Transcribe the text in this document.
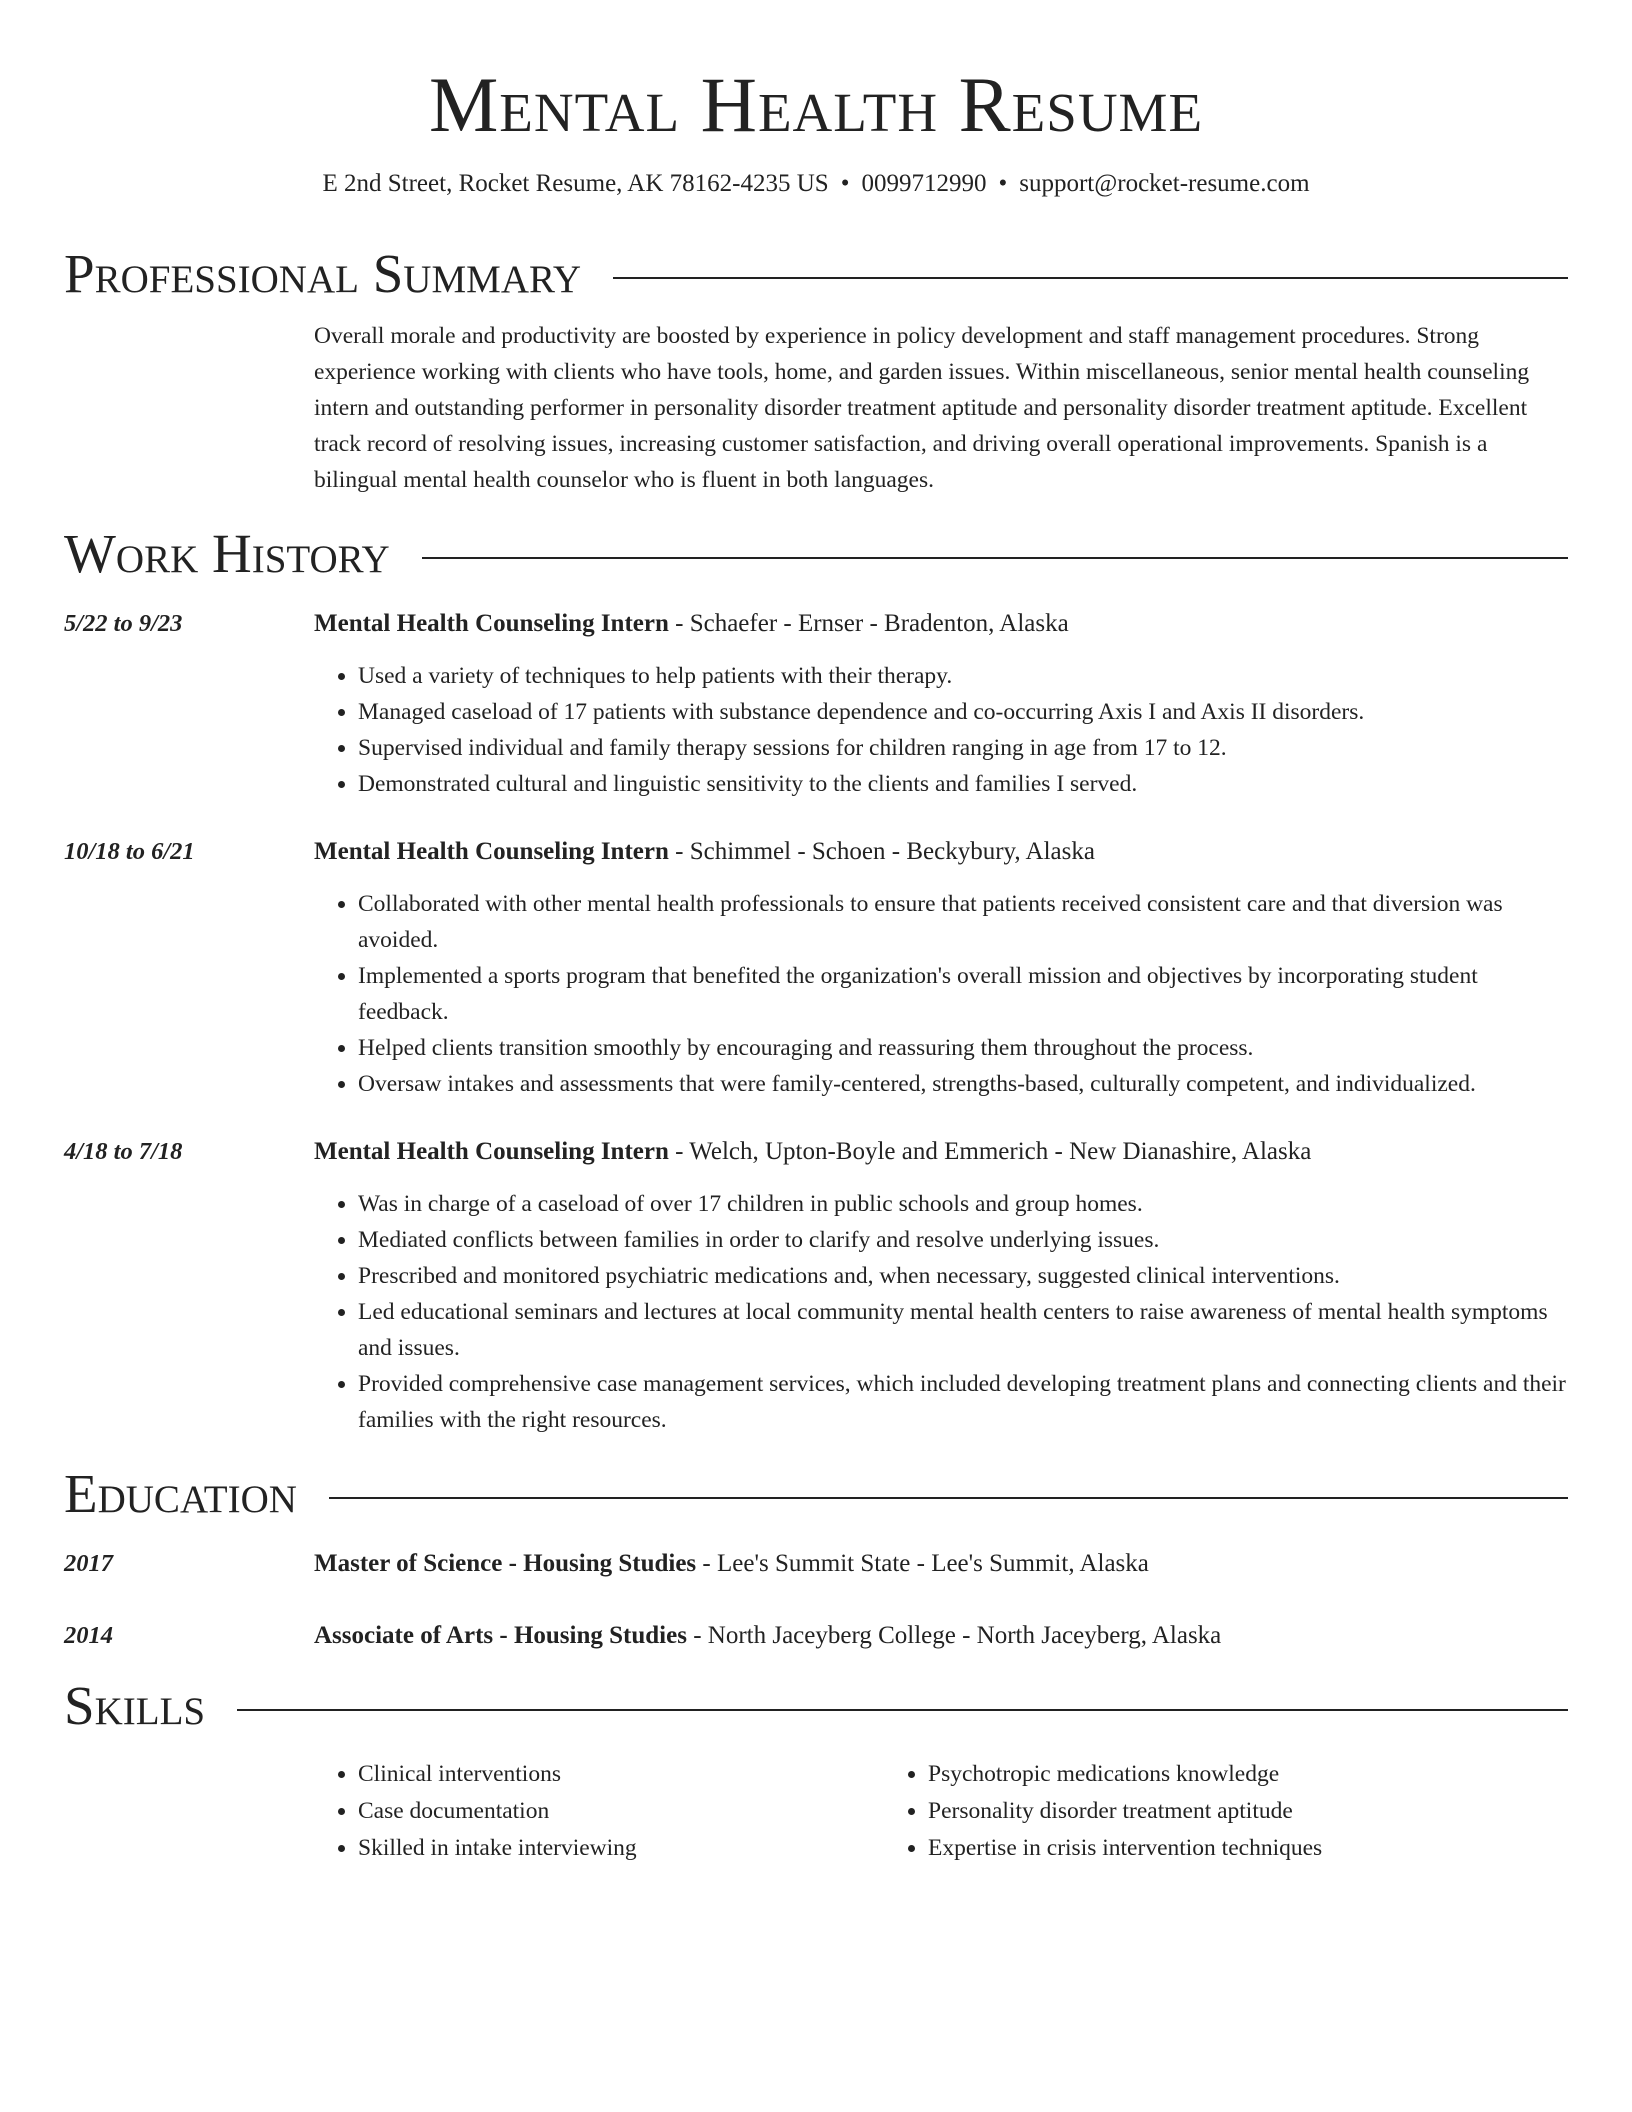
Mental Health Resume
E 2nd Street, Rocket Resume, AK 78162-4235 US • 0099712990 • support@rocket-resume.com
Professional Summary
Overall morale and productivity are boosted by experience in policy development and staff management procedures. Strong experience working with clients who have tools, home, and garden issues. Within miscellaneous, senior mental health counseling intern and outstanding performer in personality disorder treatment aptitude and personality disorder treatment aptitude. Excellent track record of resolving issues, increasing customer satisfaction, and driving overall operational improvements. Spanish is a bilingual mental health counselor who is fluent in both languages.
Work History
5/22 to 9/23	Mental Health Counseling Intern - Schaefer - Ernser - Bradenton, Alaska
• Used a variety of techniques to help patients with their therapy.
• Managed caseload of 17 patients with substance dependence and co-occurring Axis I and Axis II disorders.
• Supervised individual and family therapy sessions for children ranging in age from 17 to 12.
• Demonstrated cultural and linguistic sensitivity to the clients and families I served.
10/18 to 6/21	Mental Health Counseling Intern - Schimmel - Schoen - Beckybury, Alaska
• Collaborated with other mental health professionals to ensure that patients received consistent care and that diversion was avoided.
• Implemented a sports program that benefited the organization's overall mission and objectives by incorporating student feedback.
• Helped clients transition smoothly by encouraging and reassuring them throughout the process.
• Oversaw intakes and assessments that were family-centered, strengths-based, culturally competent, and individualized.
4/18 to 7/18	Mental Health Counseling Intern - Welch, Upton-Boyle and Emmerich - New Dianashire, Alaska
• Was in charge of a caseload of over 17 children in public schools and group homes.
• Mediated conflicts between families in order to clarify and resolve underlying issues.
• Prescribed and monitored psychiatric medications and, when necessary, suggested clinical interventions.
• Led educational seminars and lectures at local community mental health centers to raise awareness of mental health symptoms and issues.
• Provided comprehensive case management services, which included developing treatment plans and connecting clients and their families with the right resources.
Education
2017	Master of Science - Housing Studies - Lee's Summit State - Lee's Summit, Alaska
2014	Associate of Arts - Housing Studies - North Jaceyberg College - North Jaceyberg, Alaska
Skills
• Clinical interventions
• Case documentation
• Skilled in intake interviewing
• Psychotropic medications knowledge
• Personality disorder treatment aptitude
• Expertise in crisis intervention techniques
